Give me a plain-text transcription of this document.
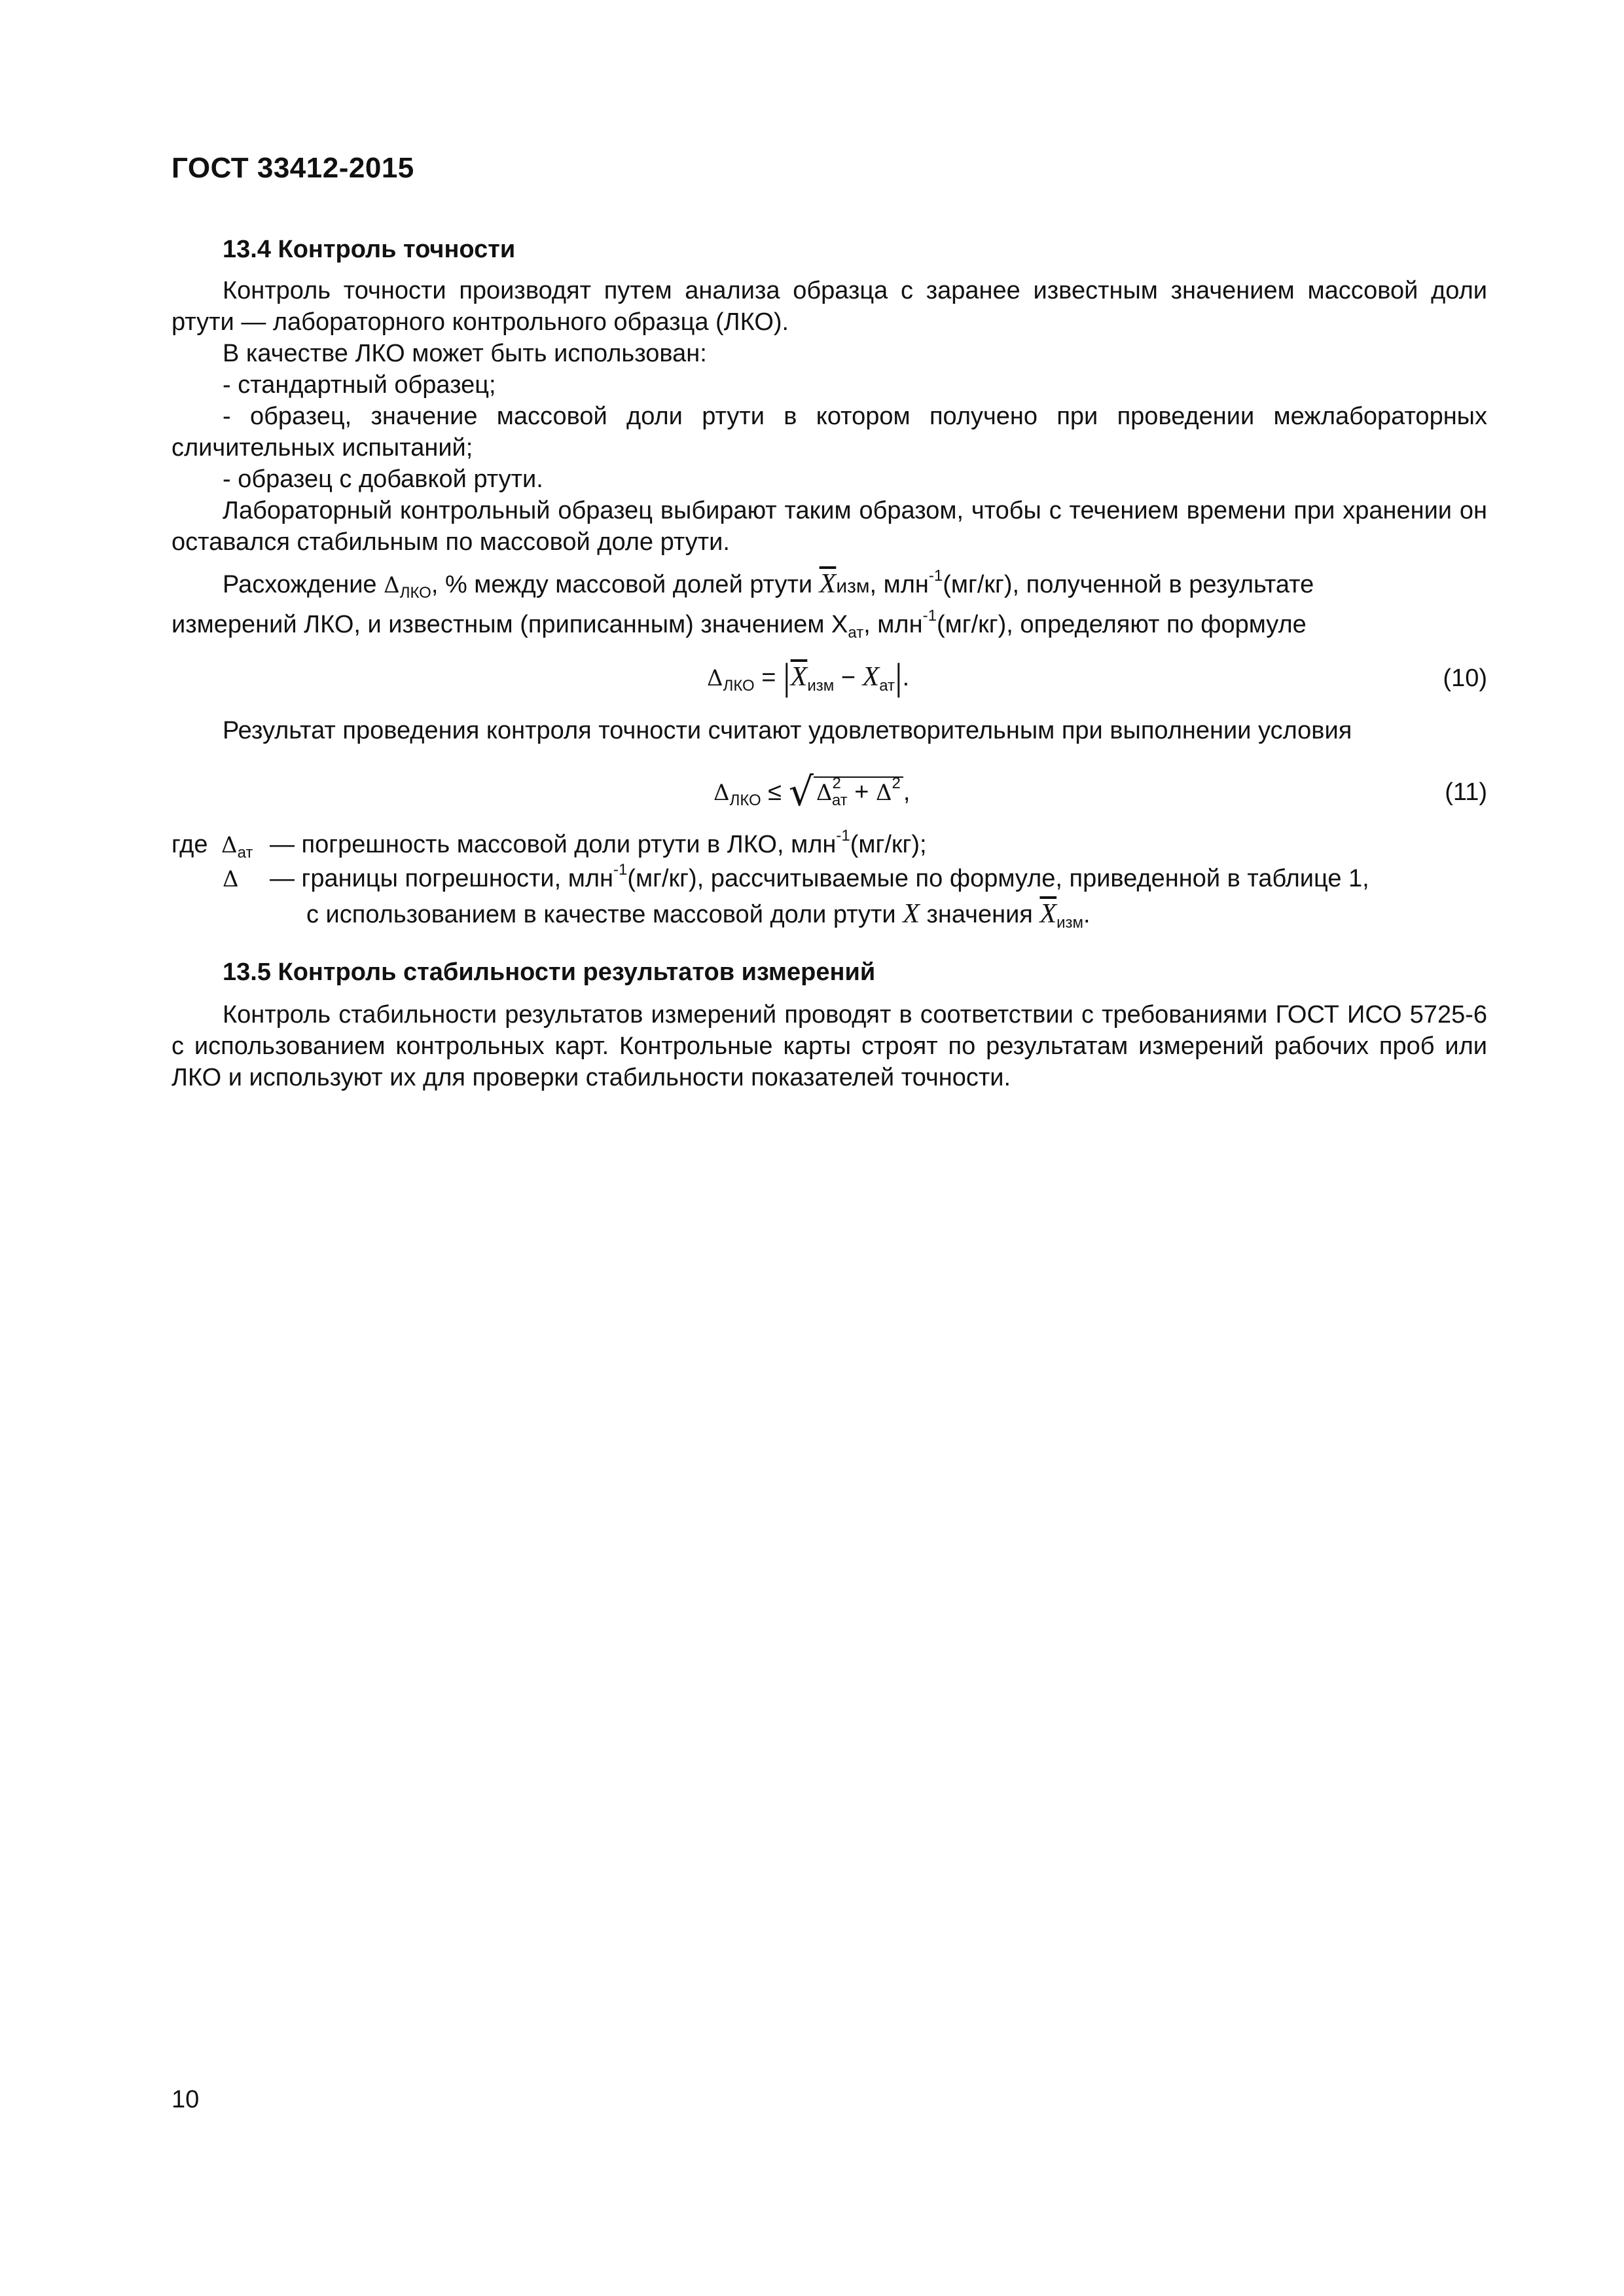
ГОСТ 33412-2015
13.4 Контроль точности
Контроль точности производят путем анализа образца с заранее известным значением массовой доли ртути — лабораторного контрольного образца (ЛКО).
В качестве ЛКО может быть использован:
- стандартный образец;
- образец, значение массовой доли ртути в котором получено при проведении межлабораторных сличительных испытаний;
- образец с добавкой ртути.
Лабораторный контрольный образец выбирают таким образом, чтобы с течением времени при хранении он оставался стабильным по массовой доле ртути.
Расхождение $\Delta_{ЛКО}$, % между массовой долей ртути $\overline{X}изм$, млн$^{-1}$(мг/кг), полученной в результате
измерений ЛКО, и известным (приписанным) значением $X_{ат}$, млн$^{-1}$(мг/кг), определяют по формуле
$\Delta_{ЛКО} = |\overline{X}_{изм} - X_{ат}|$.	(10)
Результат проведения контроля точности считают удовлетворительным при выполнении условия
$\Delta_{ЛКО}$ ≤ √ $\Delta^2_{ат} + \Delta^2$ ,	(11)
где $\Delta_{ат}$ — погрешность массовой доли ртути в ЛКО, млн$^{-1}$(мг/кг);
Δ — границы погрешности, млн$^{-1}$(мг/кг), рассчитываемые по формуле, приведенной в таблице 1,
с использованием в качестве массовой доли ртути X значения $\overline{X}_{изм}$.
13.5 Контроль стабильности результатов измерений
Контроль стабильности результатов измерений проводят в соответствии с требованиями ГОСТ ИСО 5725-6 с использованием контрольных карт. Контрольные карты строят по результатам измерений рабочих проб или ЛКО и используют их для проверки стабильности показателей точности.
10
